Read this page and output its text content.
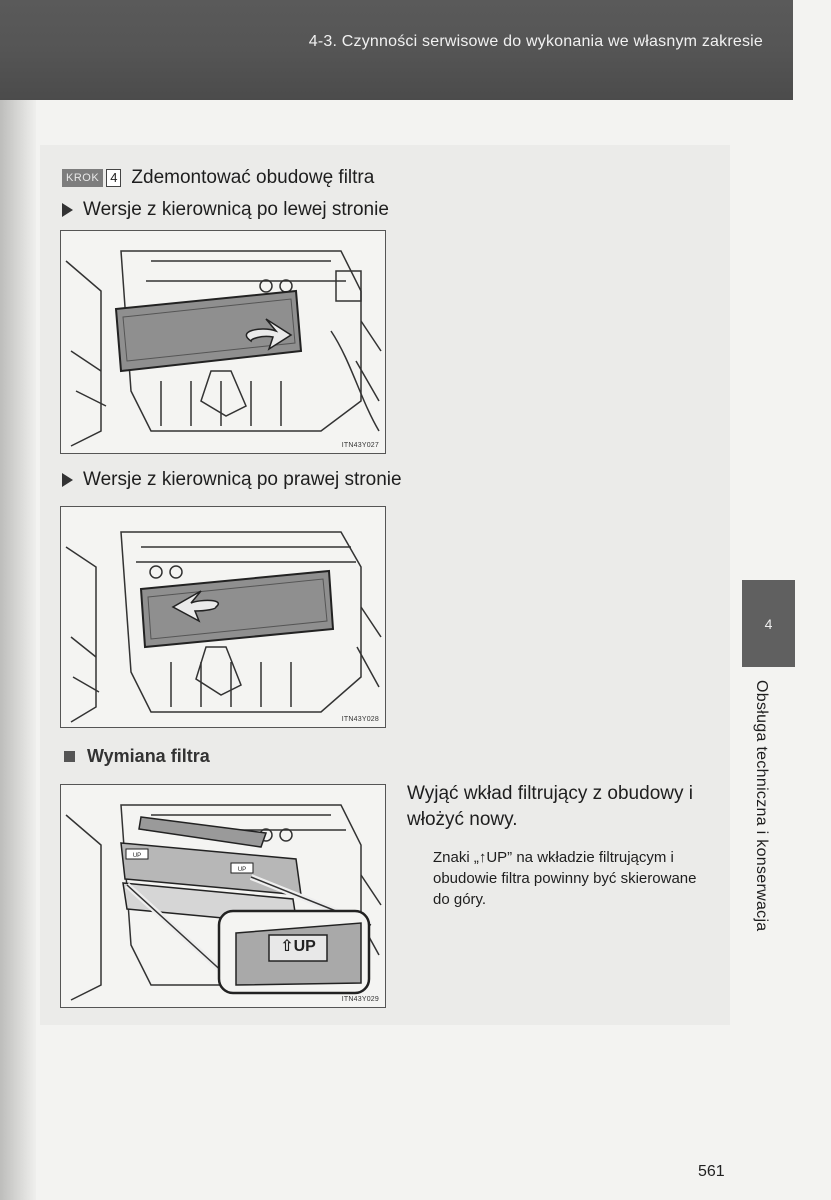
4-3. Czynności serwisowe do wykonania we własnym zakresie
KROK 4 Zdemontować obudowę filtra
Wersje z kierownicą po lewej stronie
ITN43Y027
Wersje z kierownicą po prawej stronie
ITN43Y028
Wymiana filtra
UP
UP
⇧UP
ITN43Y029
Wyjąć wkład filtrujący z obudowy i włożyć nowy.
Znaki „↑UP” na wkładzie filtrującym i obudowie filtra powinny być skierowane do góry.
4
Obsługa techniczna i konserwacja
561
